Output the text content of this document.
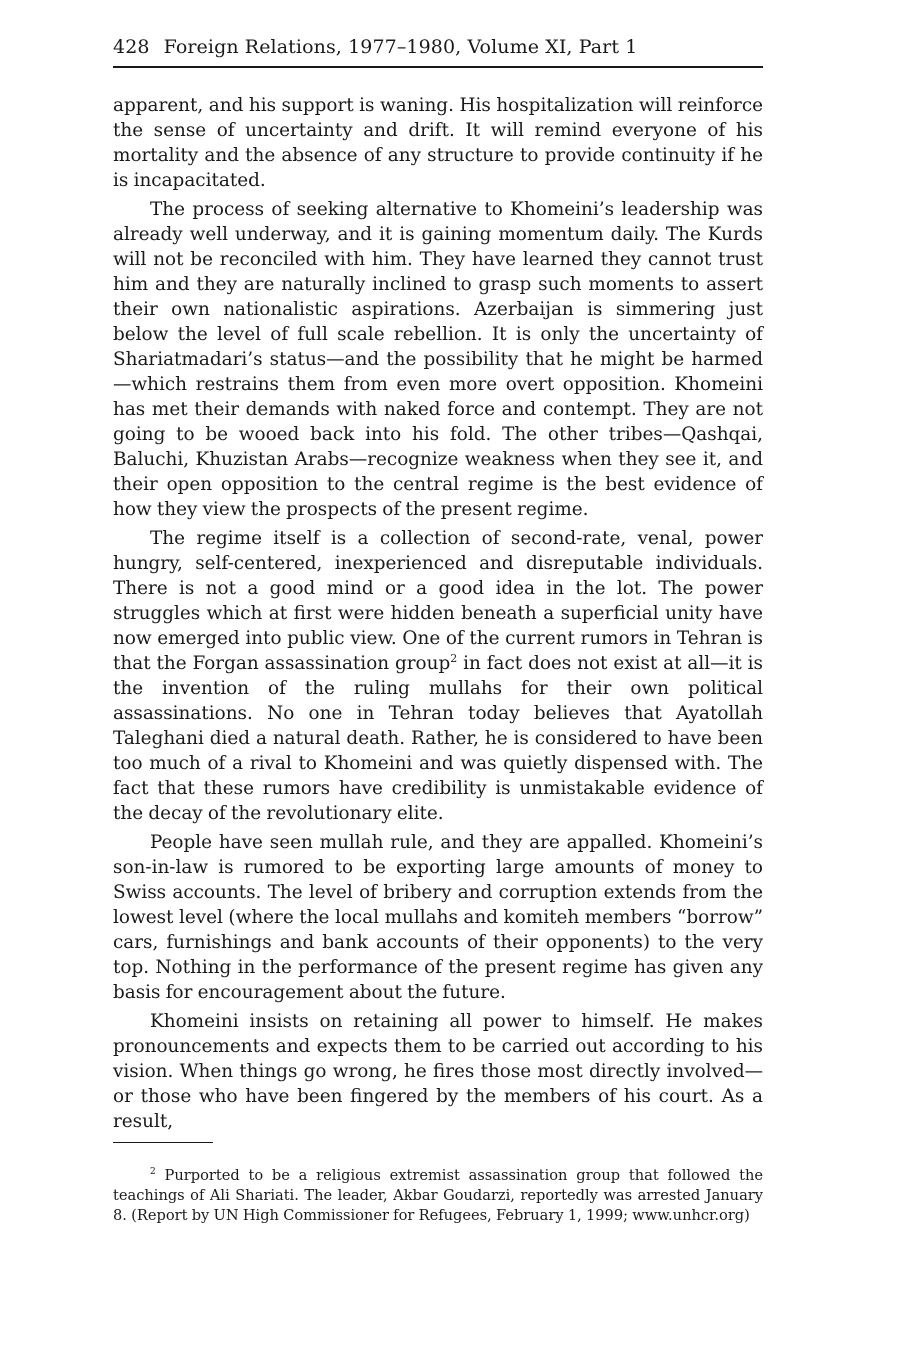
428 Foreign Relations, 1977–1980, Volume XI, Part 1

apparent, and his support is waning. His hospitalization will reinforce the sense of uncertainty and drift. It will remind everyone of his mortality and the absence of any structure to provide continuity if he is incapacitated.

The process of seeking alternative to Khomeini’s leadership was already well underway, and it is gaining momentum daily. The Kurds will not be reconciled with him. They have learned they cannot trust him and they are naturally inclined to grasp such moments to assert their own nationalistic aspirations. Azerbaijan is simmering just below the level of full scale rebellion. It is only the uncertainty of Shariatmadari’s status—and the possibility that he might be harmed—which restrains them from even more overt opposition. Khomeini has met their demands with naked force and contempt. They are not going to be wooed back into his fold. The other tribes—Qashqai, Baluchi, Khuzistan Arabs—recognize weakness when they see it, and their open opposition to the central regime is the best evidence of how they view the prospects of the present regime.

The regime itself is a collection of second-rate, venal, power hungry, self-centered, inexperienced and disreputable individuals. There is not a good mind or a good idea in the lot. The power struggles which at first were hidden beneath a superficial unity have now emerged into public view. One of the current rumors in Tehran is that the Forgan assassination group$^2$ in fact does not exist at all—it is the invention of the ruling mullahs for their own political assassinations. No one in Tehran today believes that Ayatollah Taleghani died a natural death. Rather, he is considered to have been too much of a rival to Khomeini and was quietly dispensed with. The fact that these rumors have credibility is unmistakable evidence of the decay of the revolutionary elite.

People have seen mullah rule, and they are appalled. Khomeini’s son-in-law is rumored to be exporting large amounts of money to Swiss accounts. The level of bribery and corruption extends from the lowest level (where the local mullahs and komiteh members “borrow” cars, furnishings and bank accounts of their opponents) to the very top. Nothing in the performance of the present regime has given any basis for encouragement about the future.

Khomeini insists on retaining all power to himself. He makes pronouncements and expects them to be carried out according to his vision. When things go wrong, he fires those most directly involved—or those who have been fingered by the members of his court. As a result,

$^2$ Purported to be a religious extremist assassination group that followed the teachings of Ali Shariati. The leader, Akbar Goudarzi, reportedly was arrested January 8. (Report by UN High Commissioner for Refugees, February 1, 1999; www.unhcr.org)
